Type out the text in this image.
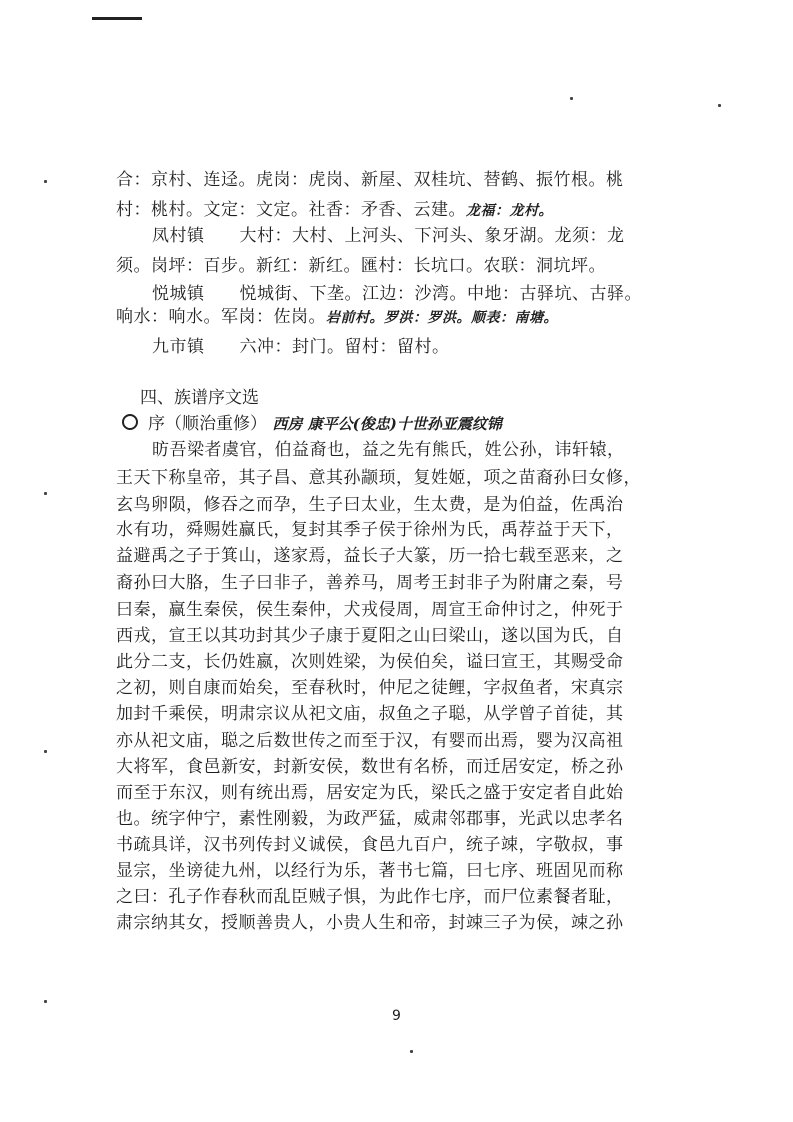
合：京村、连迳。虎岗：虎岗、新屋、双桂坑、替鹤、振竹根。桃
村：桃村。文定：文定。社香：矛香、云建。龙福：龙村。
凤村镇　　大村：大村、上河头、下河头、象牙湖。龙须：龙
须。岗坪：百步。新红：新红。匯村：长坑口。农联：洞坑坪。
悦城镇　　悦城街、下垄。江边：沙湾。中地：古驿坑、古驿。
响水：响水。军岗：佐岗。岩前村。罗洪：罗洪。顺表：南塘。
九市镇　　六冲：封门。留村：留村。
四、族谱序文选
序（顺治重修） 西房 康平公(俊忠)十世孙亚震纹锦
昉吾梁者虞官，伯益裔也，益之先有熊氏，姓公孙，讳轩辕，
王天下称皇帝，其子昌、意其孙颛顼，复姓姬，项之苗裔孙曰女修，
玄鸟卵陨，修吞之而孕，生子曰太业，生太费，是为伯益，佐禹治
水有功，舜赐姓赢氏，复封其季子侯于徐州为氏，禹荐益于天下，
益避禹之子于箕山，遂家焉，益长子大篆，历一拾七载至恶来，之
裔孙曰大胳，生子曰非子，善养马，周考王封非子为附庸之秦，号
曰秦，赢生秦侯，侯生秦仲，犬戎侵周，周宣王命仲讨之，仲死于
西戎，宣王以其功封其少子康于夏阳之山曰梁山，遂以国为氏，自
此分二支，长仍姓嬴，次则姓梁，为侯伯矣，谥曰宣王，其赐受命
之初，则自康而始矣，至春秋时，仲尼之徒鲤，字叔鱼者，宋真宗
加封千乘侯，明肃宗议从祀文庙，叔鱼之子聪，从学曾子首徒，其
亦从祀文庙，聪之后数世传之而至于汉，有婴而出焉，婴为汉高祖
大将军，食邑新安，封新安侯，数世有名桥，而迁居安定，桥之孙
而至于东汉，则有统出焉，居安定为氏，梁氏之盛于安定者自此始
也。统字仲宁，素性刚毅，为政严猛，威肃邻郡事，光武以忠孝名
书疏具详，汉书列传封义诚侯，食邑九百户，统子竦，字敬叔，事
显宗，坐谤徒九州，以经行为乐，著书七篇，曰七序、班固见而称
之曰：孔子作春秋而乱臣贼子惧，为此作七序，而尸位素餐者耻，
肃宗纳其女，授顺善贵人，小贵人生和帝，封竦三子为侯，竦之孙
9
